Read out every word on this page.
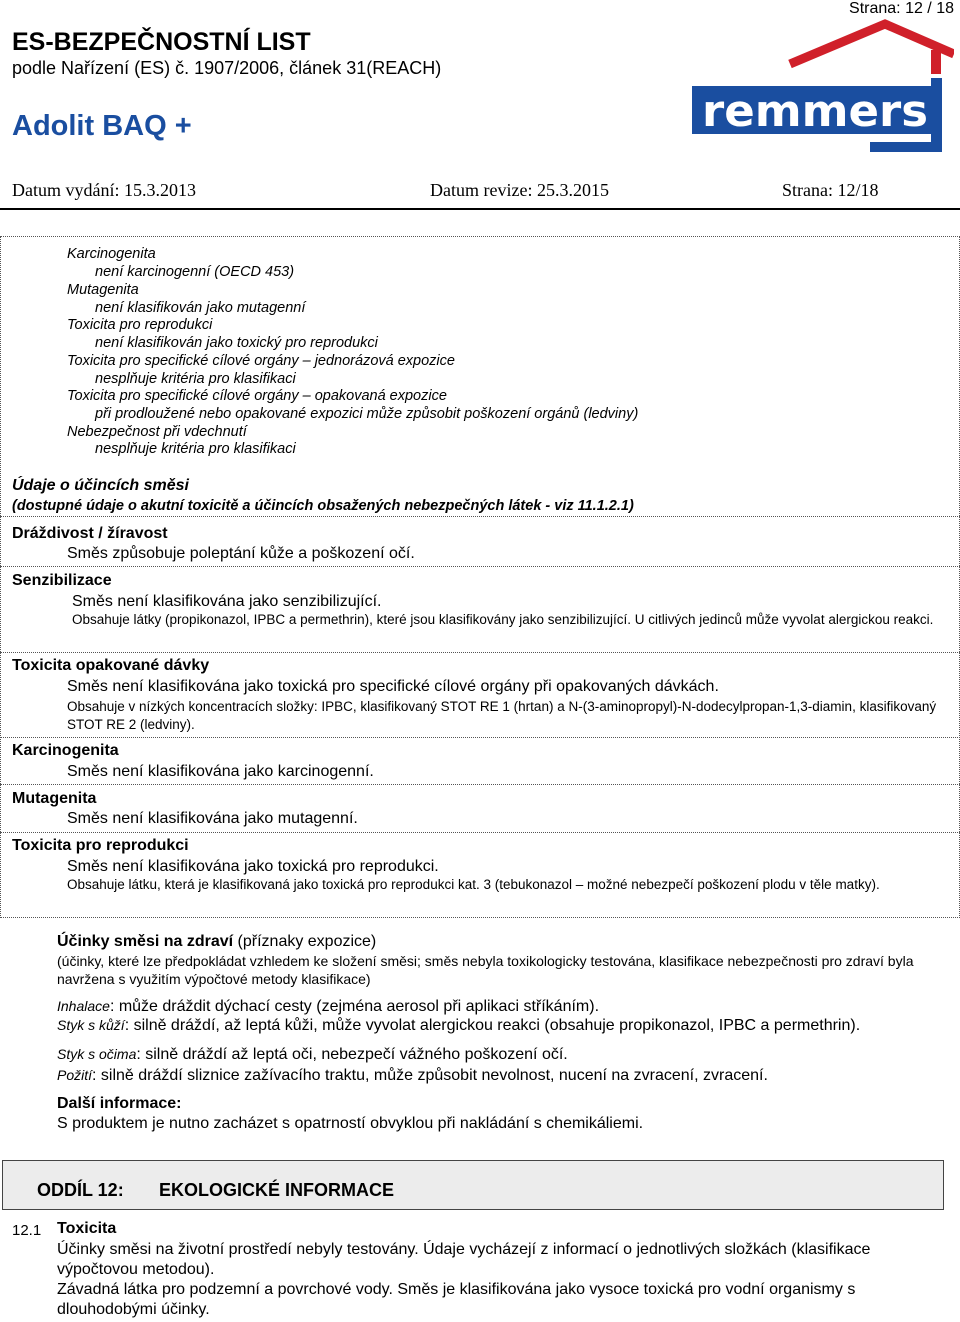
Strana: 12 / 18
ES-BEZPEČNOSTNÍ LIST
podle Nařízení (ES) č. 1907/2006, článek 31(REACH)
Adolit BAQ +	remmers
Datum vydání: 15.3.2013	Datum revize: 25.3.2015	Strana: 12/18
Karcinogenita
není karcinogenní (OECD 453)
Mutagenita
není klasifikován jako mutagenní
Toxicita pro reprodukci
není klasifikován jako toxický pro reprodukci
Toxicita pro specifické cílové orgány – jednorázová expozice
nesplňuje kritéria pro klasifikaci
Toxicita pro specifické cílové orgány – opakovaná expozice
při prodloužené nebo opakované expozici může způsobit poškození orgánů (ledviny)
Nebezpečnost při vdechnutí
nesplňuje kritéria pro klasifikaci
Údaje o účincích směsi
(dostupné údaje o akutní toxicitě a účincích obsažených nebezpečných látek - viz 11.1.2.1)
Dráždivost / žíravost
Směs způsobuje poleptání kůže a poškození očí.
Senzibilizace
Směs není klasifikována jako senzibilizující.
Obsahuje látky (propikonazol, IPBC a permethrin), které jsou klasifikovány jako senzibilizující. U citlivých jedinců může vyvolat alergickou reakci.
Toxicita opakované dávky
Směs není klasifikována jako toxická pro specifické cílové orgány při opakovaných dávkách.
Obsahuje v nízkých koncentracích složky: IPBC, klasifikovaný STOT RE 1 (hrtan) a N-(3-aminopropyl)-N-dodecylpropan-1,3-diamin, klasifikovaný STOT RE 2 (ledviny).
Karcinogenita
Směs není klasifikována jako karcinogenní.
Mutagenita
Směs není klasifikována jako mutagenní.
Toxicita pro reprodukci
Směs není klasifikována jako toxická pro reprodukci.
Obsahuje látku, která je klasifikovaná jako toxická pro reprodukci kat. 3 (tebukonazol – možné nebezpečí poškození plodu v těle matky).
Účinky směsi na zdraví (příznaky expozice)
(účinky, které lze předpokládat vzhledem ke složení směsi; směs nebyla toxikologicky testována, klasifikace nebezpečnosti pro zdraví byla navržena s využitím výpočtové metody klasifikace)
Inhalace: může dráždit dýchací cesty (zejména aerosol při aplikaci stříkáním).
Styk s kůží: silně dráždí, až leptá kůži, může vyvolat alergickou reakci (obsahuje propikonazol, IPBC a permethrin).
Styk s očima: silně dráždí až leptá oči, nebezpečí vážného poškození očí.
Požití: silně dráždí sliznice zažívacího traktu, může způsobit nevolnost, nucení na zvracení, zvracení.
Další informace:
S produktem je nutno zacházet s opatrností obvyklou při nakládání s chemikáliemi.
ODDÍL 12: EKOLOGICKÉ INFORMACE
12.1 Toxicita
Účinky směsi na životní prostředí nebyly testovány. Údaje vycházejí z informací o jednotlivých složkách (klasifikace výpočtovou metodou).
Závadná látka pro podzemní a povrchové vody. Směs je klasifikována jako vysoce toxická pro vodní organismy s dlouhodobými účinky.
